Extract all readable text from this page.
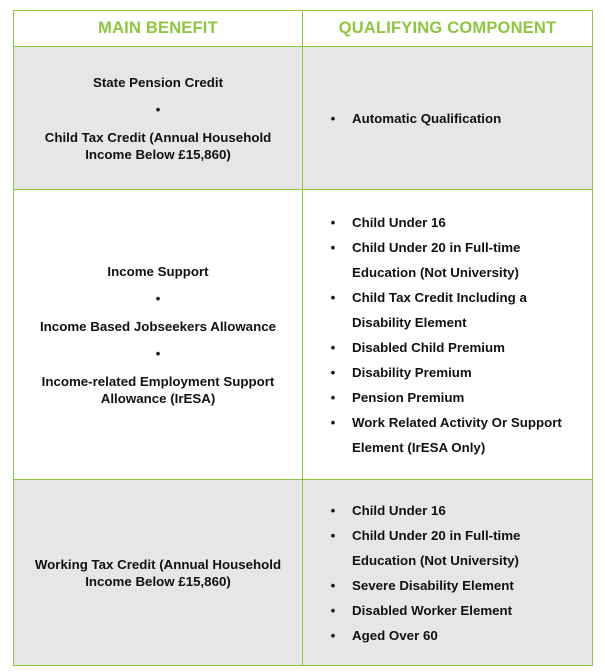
MAIN BENEFIT	QUALIFYING COMPONENT
State Pension Credit
•
Child Tax Credit (Annual Household Income Below £15,860)
• Automatic Qualification
Income Support
•
Income Based Jobseekers Allowance
•
Income-related Employment Support Allowance (IrESA)
• Child Under 16
• Child Under 20 in Full-time Education (Not University)
• Child Tax Credit Including a Disability Element
• Disabled Child Premium
• Disability Premium
• Pension Premium
• Work Related Activity Or Support Element (IrESA Only)
Working Tax Credit (Annual Household Income Below £15,860)
• Child Under 16
• Child Under 20 in Full-time Education (Not University)
• Severe Disability Element
• Disabled Worker Element
• Aged Over 60
